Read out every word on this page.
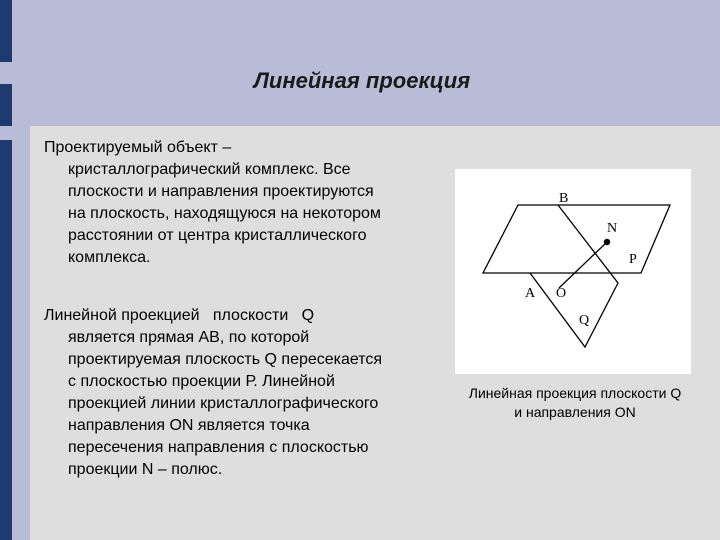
Линейная проекция
Проектируемый объект –
кристаллографический комплекс. Все
плоскости и направления проектируются
на плоскость, находящуюся на некотором
расстоянии от центра кристаллического
комплекса.
Линейной проекцией   плоскости   Q
является прямая АВ, по которой
проектируемая плоскость Q пересекается
с плоскостью проекции Р. Линейной
проекцией линии кристаллографического
направления ОN является точка
пересечения направления с плоскостью
проекции N – полюс.
B
N
P
A O
Q
Линейная проекция плоскости Q
и направления ON
